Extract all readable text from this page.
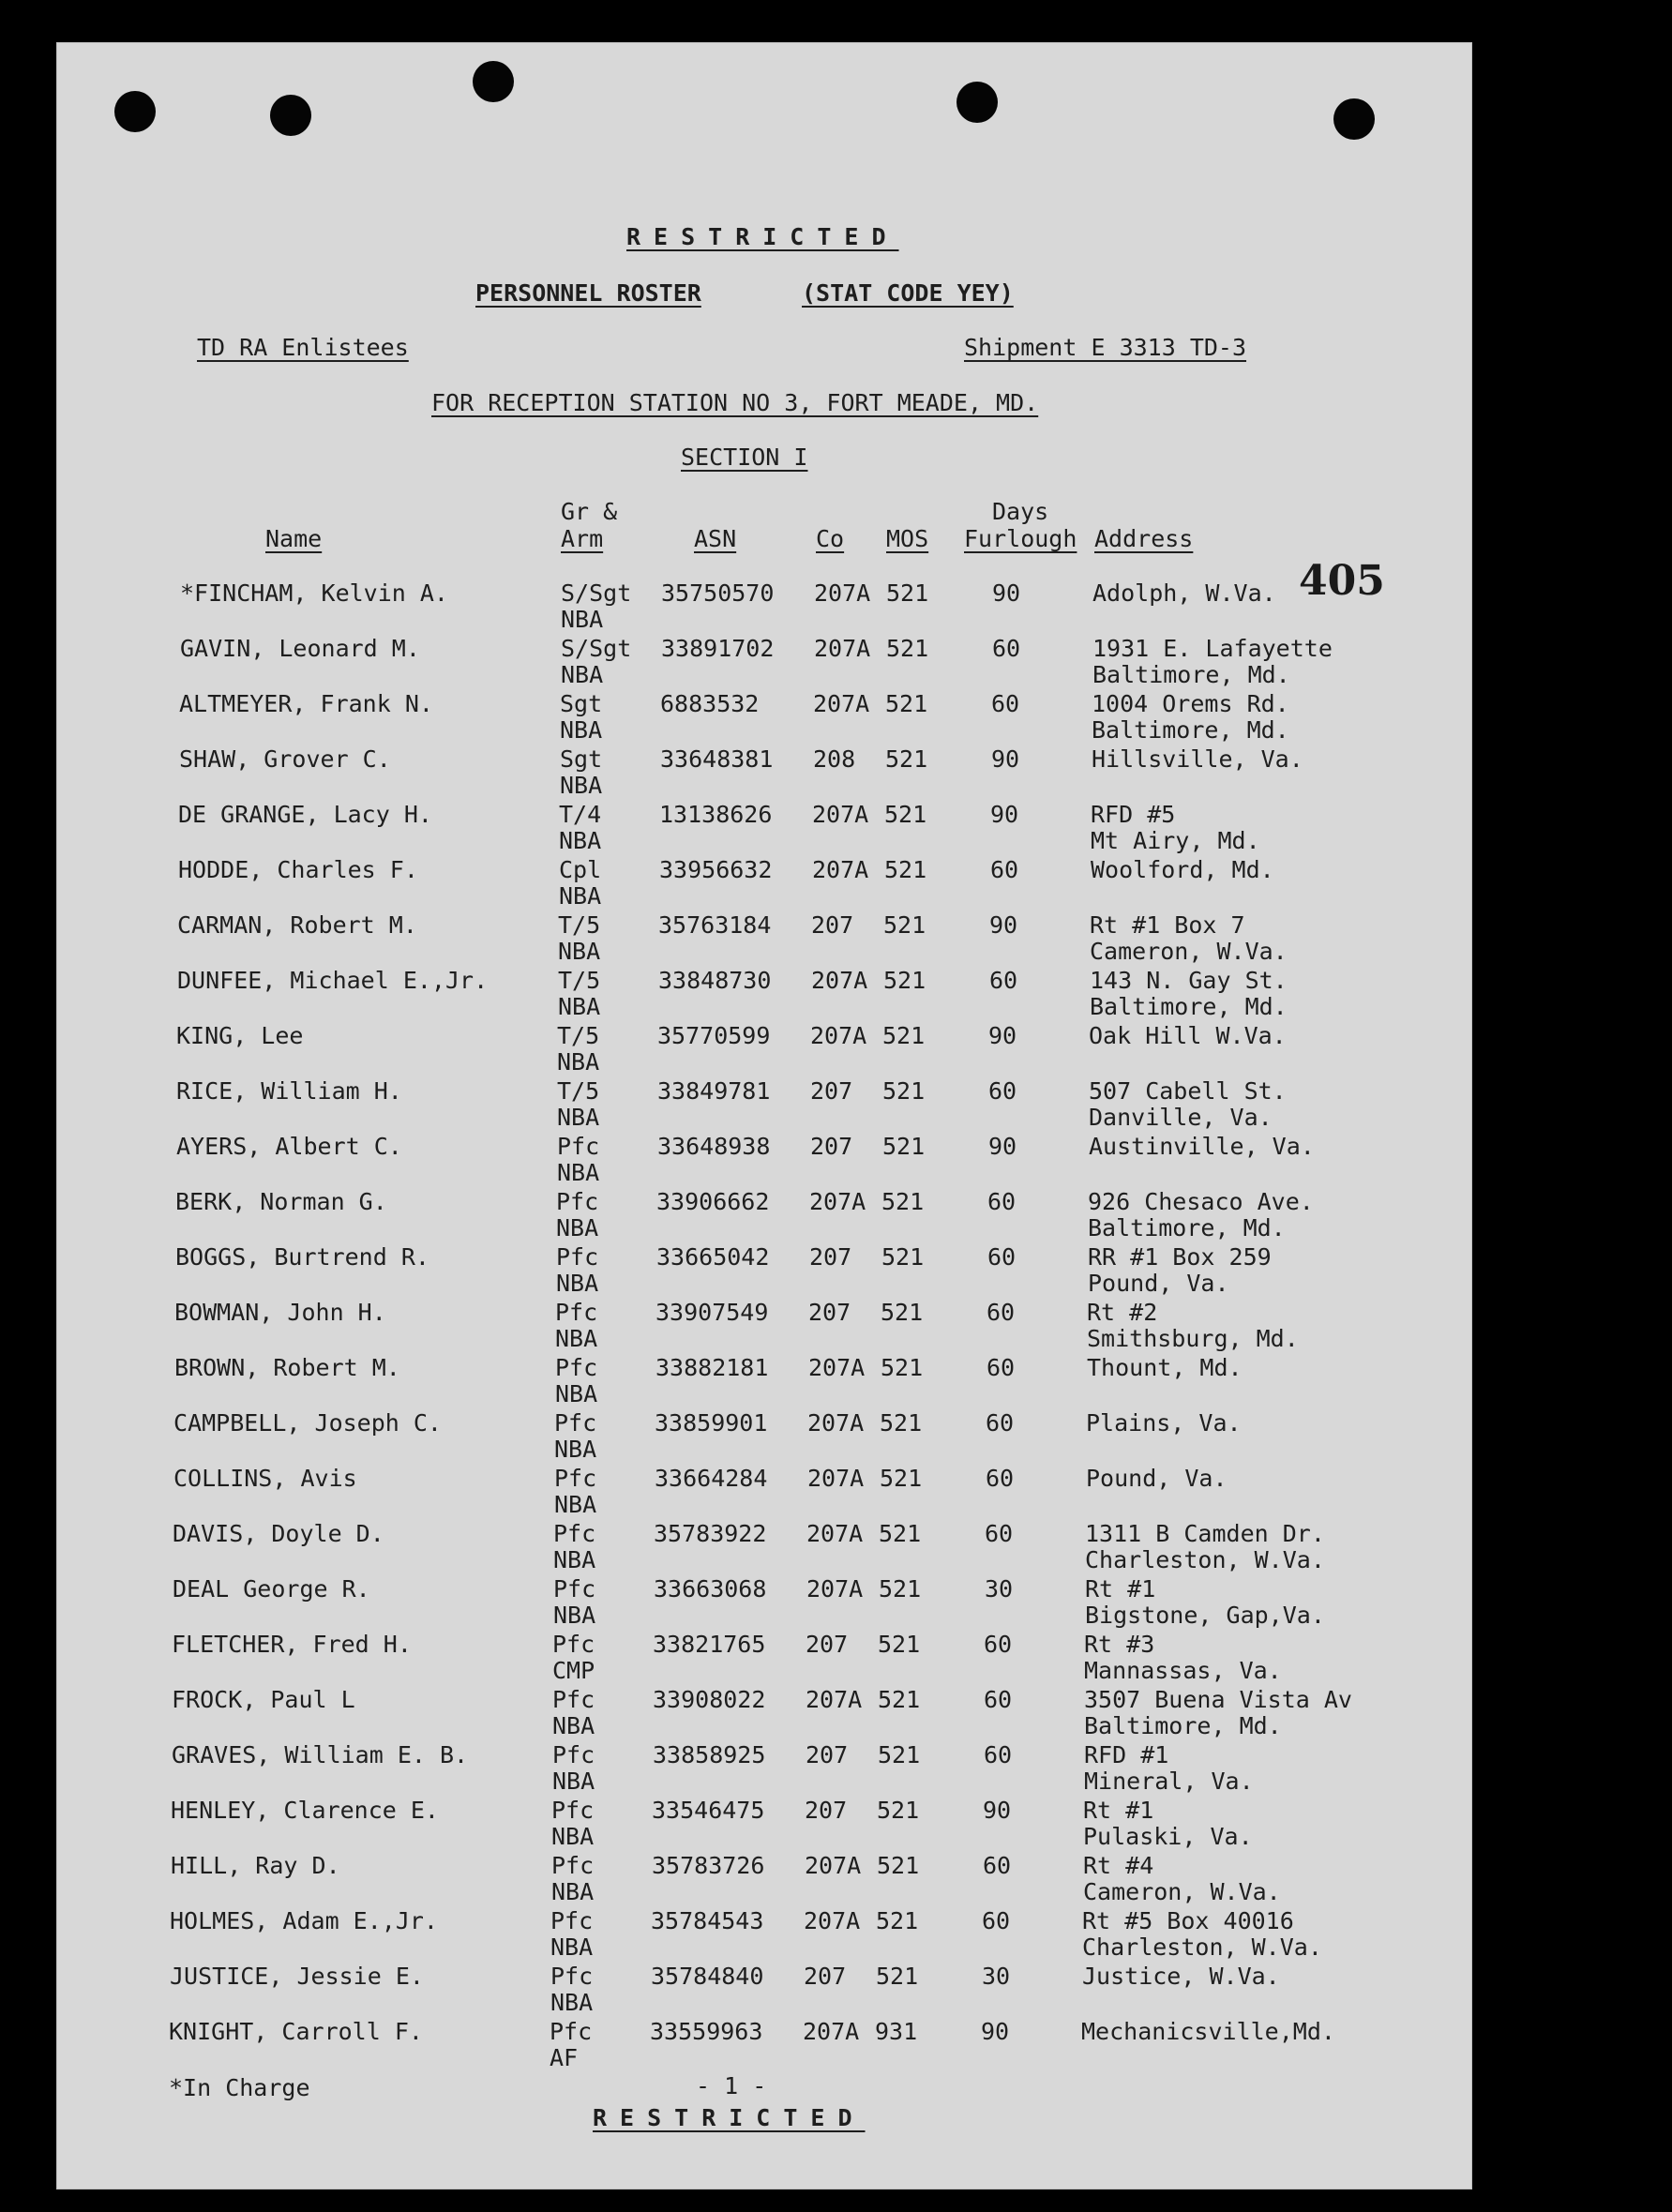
RESTRICTED
PERSONNEL ROSTER	(STAT CODE YEY)
TD RA Enlistees	Shipment E 3313 TD-3
FOR RECEPTION STATION NO 3, FORT MEADE, MD.
SECTION I
405
Name
Gr &
Arm	ASN	Co MOS
Days
Furlough Address
*FINCHAM, Kelvin A.	S/Sgt
NBA
35750570 207A 521	90	Adolph, W.Va.
GAVIN, Leonard M.	S/Sgt
NBA
33891702 207A 521	60	1931 E. Lafayette
Baltimore, Md.
ALTMEYER, Frank N.	Sgt
NBA
6883532 207A 521	60	1004 Orems Rd.
Baltimore, Md.
SHAW, Grover C.	Sgt
NBA
33648381 208 521	90	Hillsville, Va.
DE GRANGE, Lacy H.	T/4
NBA
13138626 207A 521	90	RFD #5
Mt Airy, Md.
HODDE, Charles F.	Cpl
NBA
33956632 207A 521	60	Woolford, Md.
CARMAN, Robert M.	T/5
NBA
35763184 207 521	90	Rt #1 Box 7
Cameron, W.Va.
DUNFEE, Michael E.,Jr.	T/5
NBA
33848730 207A 521	60	143 N. Gay St.
Baltimore, Md.
KING, Lee	T/5
NBA
35770599 207A 521	90	Oak Hill W.Va.
RICE, William H.	T/5
NBA
33849781 207 521	60	507 Cabell St.
Danville, Va.
AYERS, Albert C.	Pfc
NBA
33648938 207 521	90	Austinville, Va.
BERK, Norman G.	Pfc
NBA
33906662 207A 521	60	926 Chesaco Ave.
Baltimore, Md.
BOGGS, Burtrend R.	Pfc
NBA
33665042 207 521	60	RR #1 Box 259
Pound, Va.
BOWMAN, John H.	Pfc
NBA
33907549 207 521	60	Rt #2
Smithsburg, Md.
BROWN, Robert M.	Pfc
NBA
33882181 207A 521	60	Thount, Md.
CAMPBELL, Joseph C.	Pfc
NBA
33859901 207A 521	60	Plains, Va.
COLLINS, Avis	Pfc
NBA
33664284 207A 521	60	Pound, Va.
DAVIS, Doyle D.	Pfc
NBA
35783922 207A 521	60	1311 B Camden Dr.
Charleston, W.Va.
DEAL George R.	Pfc
NBA
33663068 207A 521	30	Rt #1
Bigstone, Gap,Va.
FLETCHER, Fred H.	Pfc
CMP
33821765 207 521	60	Rt #3
Mannassas, Va.
FROCK, Paul L	Pfc
NBA
33908022 207A 521	60	3507 Buena Vista Av
Baltimore, Md.
GRAVES, William E. B.	Pfc
NBA
33858925 207 521	60	RFD #1
Mineral, Va.
HENLEY, Clarence E.	Pfc
NBA
33546475 207 521	90	Rt #1
Pulaski, Va.
HILL, Ray D.	Pfc
NBA
35783726 207A 521	60	Rt #4
Cameron, W.Va.
HOLMES, Adam E.,Jr.	Pfc
NBA
35784543 207A 521	60	Rt #5 Box 40016
Charleston, W.Va.
JUSTICE, Jessie E.	Pfc
NBA
35784840 207 521	30	Justice, W.Va.
KNIGHT, Carroll F.	Pfc
AF
33559963 207A 931	90	Mechanicsville,Md.
*In Charge	- 1 -
RESTRICTED
